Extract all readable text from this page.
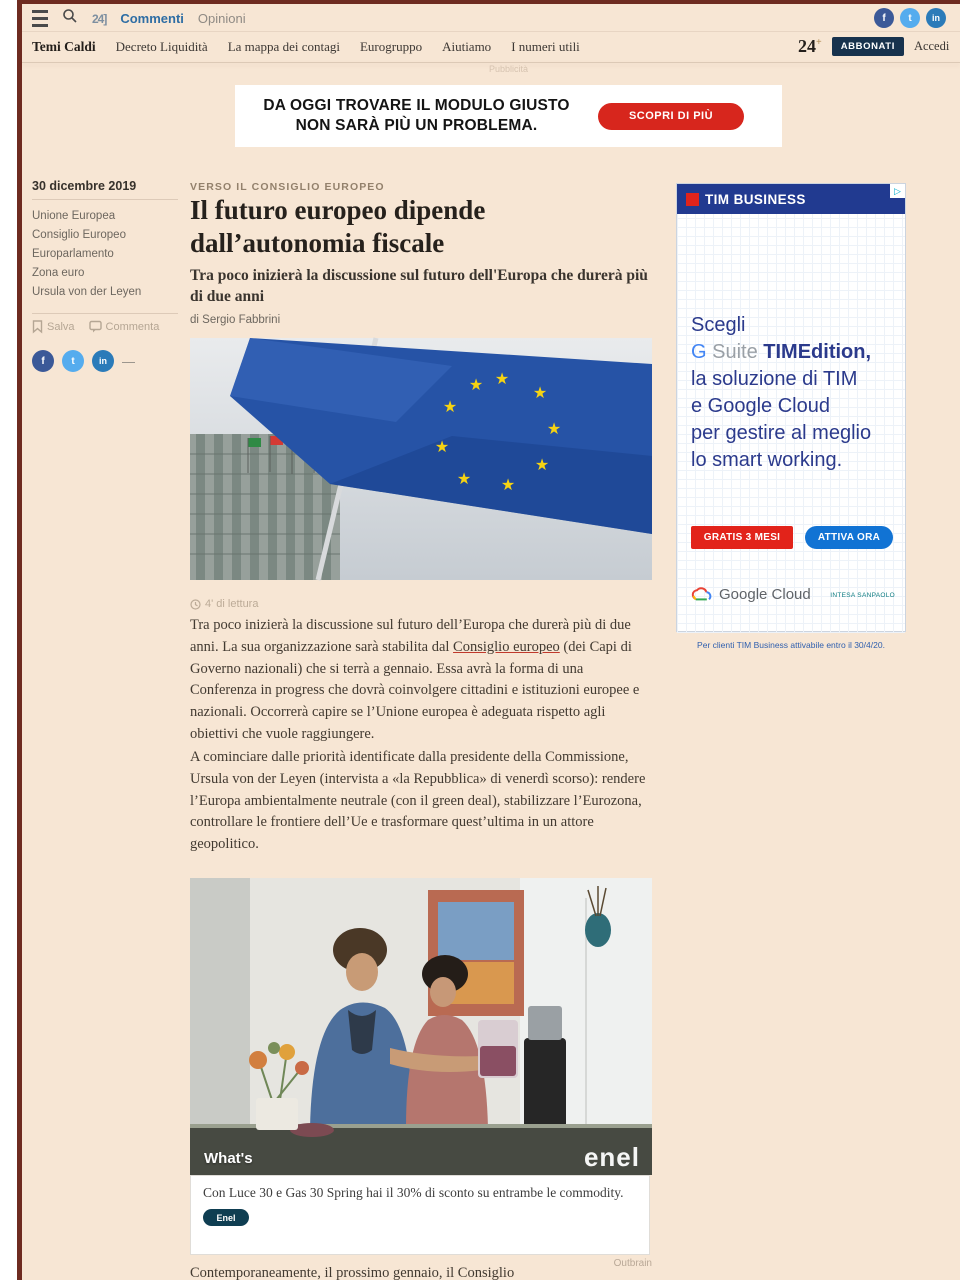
24] Commenti Opinioni	f	t	in
Temi Caldi Decreto Liquidità La mappa dei contagi Eurogruppo Aiutiamo I numeri utili	24+	ABBONATI	Accedi
Pubblicità
DA OGGI TROVARE IL MODULO GIUSTO
NON SARÀ PIÙ UN PROBLEMA.
SCOPRI DI PIÙ
30 dicembre 2019
Unione Europea
Consiglio Europeo
Europarlamento
Zona euro
Ursula von der Leyen
Salva	Commenta
f	t	in	—
VERSO IL CONSIGLIO EUROPEO
Il futuro europeo dipende dall’autonomia fiscale
Tra poco inizierà la discussione sul futuro dell'Europa che durerà più di due anni
di Sergio Fabbrini
★
★
★
★
★
★
★
★
★
4' di lettura

Tra poco inizierà la discussione sul futuro dell’Europa che durerà più di due anni. La sua organizzazione sarà stabilita dal Consiglio europeo (dei Capi di Governo nazionali) che si terrà a gennaio. Essa avrà la forma di una Conferenza in progress che dovrà coinvolgere cittadini e istituzioni europee e nazionali. Occorrerà capire se l’Unione europea è adeguata rispetto agli obiettivi che vuole raggiungere.

A cominciare dalle priorità identificate dalla presidente della Commissione, Ursula von der Leyen (intervista a «la Repubblica» di venerdì scorso): rendere l’Europa ambientalmente neutrale (con il green deal), stabilizzare l’Eurozona, controllare le frontiere dell’Ue e trasformare quest’ultima in un attore geopolitico.

What's	enel
Con Luce 30 e Gas 30 Spring hai il 30% di sconto su entrambe le commodity.
Enel
Outbrain

Contemporaneamente, il prossimo gennaio, il Consiglio

▷
TIM BUSINESS
Scegli
G Suite TIMEdition,
la soluzione di TIM
e Google Cloud
per gestire al meglio
lo smart working.
GRATIS 3 MESI	ATTIVA ORA
Google Cloud	INTESA SANPAOLO
Per clienti TIM Business attivabile entro il 30/4/20.
